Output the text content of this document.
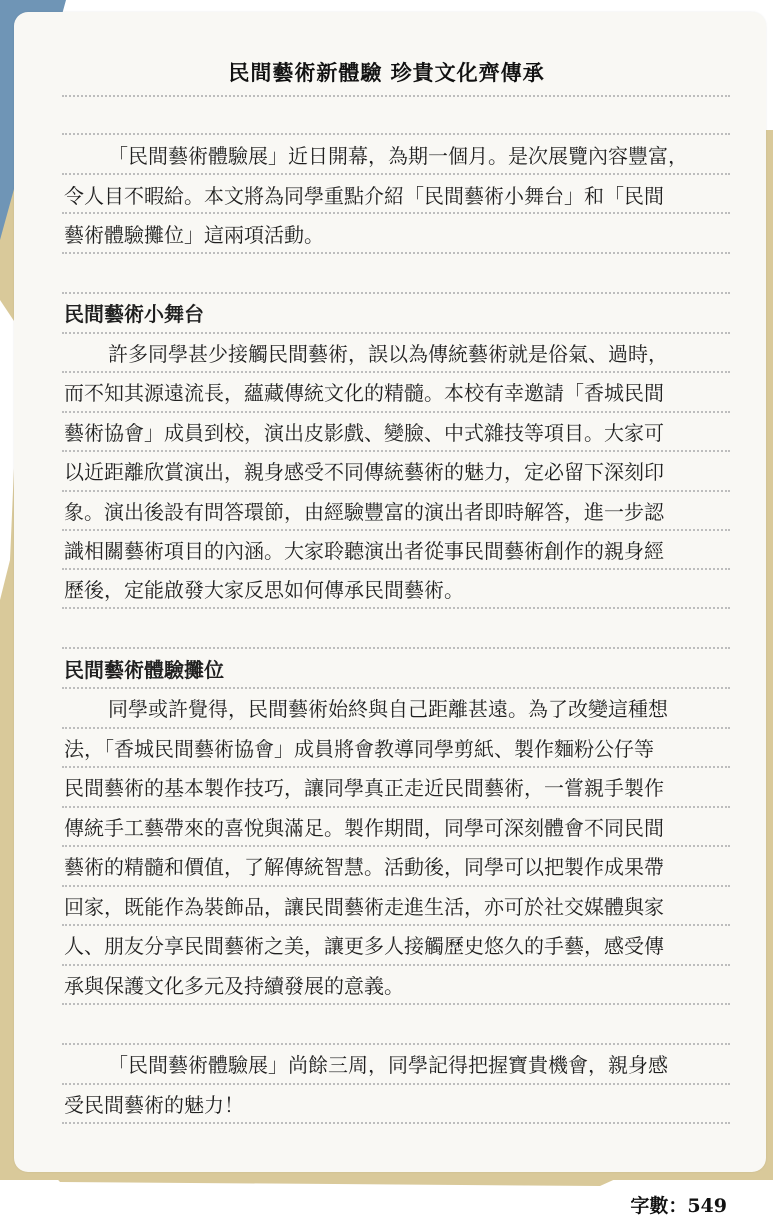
民間藝術新體驗 珍貴文化齊傳承
「民間藝術體驗展」近日開幕，為期一個月。是次展覽內容豐富，
令人目不暇給。本文將為同學重點介紹「民間藝術小舞台」和「民間
藝術體驗攤位」這兩項活動。
民間藝術小舞台
許多同學甚少接觸民間藝術，誤以為傳統藝術就是俗氣、過時，
而不知其源遠流長，蘊藏傳統文化的精髓。本校有幸邀請「香城民間
藝術協會」成員到校，演出皮影戲、變臉、中式雜技等項目。大家可
以近距離欣賞演出，親身感受不同傳統藝術的魅力，定必留下深刻印
象。演出後設有問答環節，由經驗豐富的演出者即時解答，進一步認
識相關藝術項目的內涵。大家聆聽演出者從事民間藝術創作的親身經
歷後，定能啟發大家反思如何傳承民間藝術。
民間藝術體驗攤位
同學或許覺得，民間藝術始終與自己距離甚遠。為了改變這種想
法，「香城民間藝術協會」成員將會教導同學剪紙、製作麵粉公仔等
民間藝術的基本製作技巧，讓同學真正走近民間藝術，一嘗親手製作
傳統手工藝帶來的喜悅與滿足。製作期間，同學可深刻體會不同民間
藝術的精髓和價值，了解傳統智慧。活動後，同學可以把製作成果帶
回家，既能作為裝飾品，讓民間藝術走進生活，亦可於社交媒體與家
人、朋友分享民間藝術之美，讓更多人接觸歷史悠久的手藝，感受傳
承與保護文化多元及持續發展的意義。
「民間藝術體驗展」尚餘三周，同學記得把握寶貴機會，親身感
受民間藝術的魅力！
字數：549
